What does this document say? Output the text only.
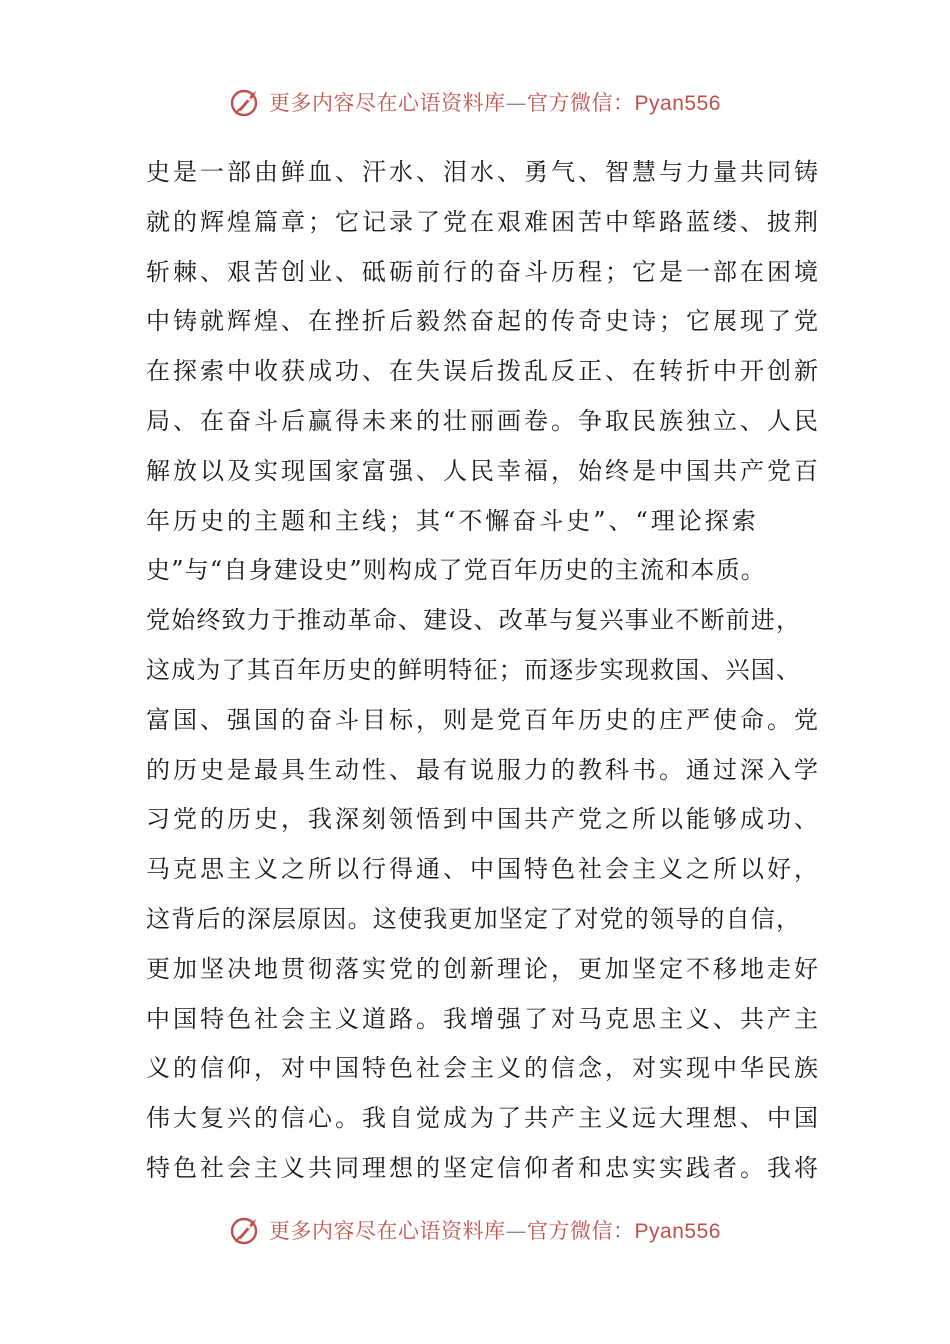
更多内容尽在心语资料库—官方微信：Pyan556
史是一部由鲜血、汗水、泪水、勇气、智慧与力量共同铸
就的辉煌篇章；它记录了党在艰难困苦中筚路蓝缕、披荆
斩棘、艰苦创业、砥砺前行的奋斗历程；它是一部在困境
中铸就辉煌、在挫折后毅然奋起的传奇史诗；它展现了党
在探索中收获成功、在失误后拨乱反正、在转折中开创新
局、在奋斗后赢得未来的壮丽画卷。争取民族独立、人民
解放以及实现国家富强、人民幸福，始终是中国共产党百
年历史的主题和主线；其“不懈奋斗史”、“理论探索
史”与“自身建设史”则构成了党百年历史的主流和本质。
党始终致力于推动革命、建设、改革与复兴事业不断前进，
这成为了其百年历史的鲜明特征；而逐步实现救国、兴国、
富国、强国的奋斗目标，则是党百年历史的庄严使命。党
的历史是最具生动性、最有说服力的教科书。通过深入学
习党的历史，我深刻领悟到中国共产党之所以能够成功、
马克思主义之所以行得通、中国特色社会主义之所以好，
这背后的深层原因。这使我更加坚定了对党的领导的自信，
更加坚决地贯彻落实党的创新理论，更加坚定不移地走好
中国特色社会主义道路。我增强了对马克思主义、共产主
义的信仰，对中国特色社会主义的信念，对实现中华民族
伟大复兴的信心。我自觉成为了共产主义远大理想、中国
特色社会主义共同理想的坚定信仰者和忠实实践者。我将
更多内容尽在心语资料库—官方微信：Pyan556
